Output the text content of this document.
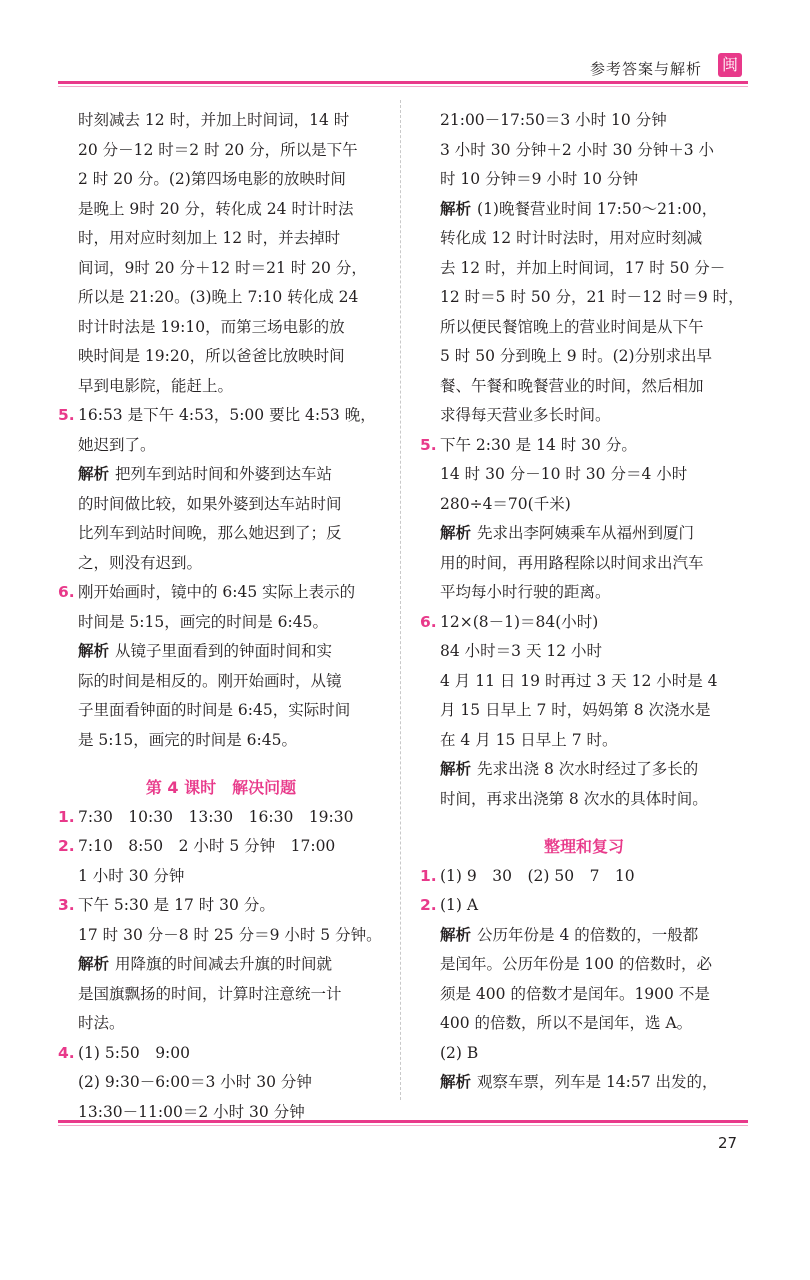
参考答案与解析 闽
时刻减去 12 时，并加上时间词，14 时
20 分－12 时＝2 时 20 分，所以是下午
2 时 20 分。(2)第四场电影的放映时间
是晚上 9时 20 分，转化成 24 时计时法
时，用对应时刻加上 12 时，并去掉时
间词，9时 20 分＋12 时＝21 时 20 分，
所以是 21:20。(3)晚上 7:10 转化成 24
时计时法是 19:10，而第三场电影的放
映时间是 19:20，所以爸爸比放映时间
早到电影院，能赶上。
5. 16:53 是下午 4:53，5:00 要比 4:53 晚，
她迟到了。
解析 把列车到站时间和外婆到达车站
的时间做比较，如果外婆到达车站时间
比列车到站时间晚，那么她迟到了；反
之，则没有迟到。
6. 刚开始画时，镜中的 6:45 实际上表示的
时间是 5:15，画完的时间是 6:45。
解析 从镜子里面看到的钟面时间和实
际的时间是相反的。刚开始画时，从镜
子里面看钟面的时间是 6:45，实际时间
是 5:15，画完的时间是 6:45。
第 4 课时　解决问题
1. 7:30　10:30　13:30　16:30　19:30
2. 7:10　8:50　2 小时 5 分钟　17:00
1 小时 30 分钟
3. 下午 5:30 是 17 时 30 分。
17 时 30 分－8 时 25 分＝9 小时 5 分钟。
解析 用降旗的时间减去升旗的时间就
是国旗飘扬的时间，计算时注意统一计
时法。
4. (1) 5:50　9:00
(2) 9:30－6:00＝3 小时 30 分钟
13:30－11:00＝2 小时 30 分钟
21:00－17:50＝3 小时 10 分钟
3 小时 30 分钟＋2 小时 30 分钟＋3 小
时 10 分钟＝9 小时 10 分钟
解析 (1)晚餐营业时间 17:50～21:00，
转化成 12 时计时法时，用对应时刻减
去 12 时，并加上时间词，17 时 50 分－
12 时＝5 时 50 分，21 时－12 时＝9 时，
所以便民餐馆晚上的营业时间是从下午
5 时 50 分到晚上 9 时。(2)分别求出早
餐、午餐和晚餐营业的时间，然后相加
求得每天营业多长时间。
5. 下午 2:30 是 14 时 30 分。
14 时 30 分－10 时 30 分＝4 小时
280÷4＝70(千米)
解析 先求出李阿姨乘车从福州到厦门
用的时间，再用路程除以时间求出汽车
平均每小时行驶的距离。
6. 12×(8－1)＝84(小时)
84 小时＝3 天 12 小时
4 月 11 日 19 时再过 3 天 12 小时是 4
月 15 日早上 7 时，妈妈第 8 次浇水是
在 4 月 15 日早上 7 时。
解析 先求出浇 8 次水时经过了多长的
时间，再求出浇第 8 次水的具体时间。
整理和复习
1. (1) 9　30　(2) 50　7　10
2. (1) A
解析 公历年份是 4 的倍数的，一般都
是闰年。公历年份是 100 的倍数时，必
须是 400 的倍数才是闰年。1900 不是
400 的倍数，所以不是闰年，选 A。
(2) B
解析 观察车票，列车是 14:57 出发的，
27
